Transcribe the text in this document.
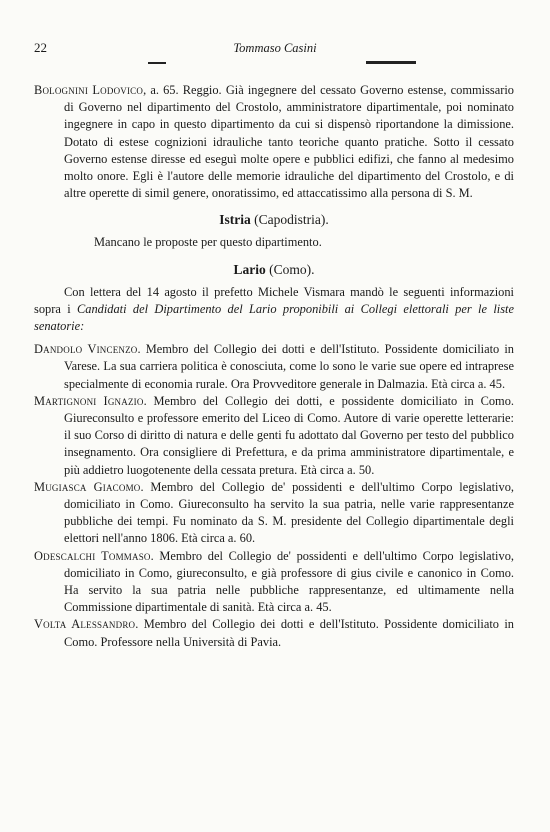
22	Tommaso Casini
Bolognini Lodovico, a. 65. Reggio. Già ingegnere del cessato Governo estense, commissario di Governo nel dipartimento del Crostolo, amministratore dipartimentale, poi nominato ingegnere in capo in questo dipartimento da cui si dispensò riportandone la dimissione. Dotato di estese cognizioni idrauliche tanto teoriche quanto pratiche. Sotto il cessato Governo estense diresse ed eseguì molte opere e pubblici edifizi, che fanno al medesimo molto onore. Egli è l'autore delle memorie idrauliche del dipartimento del Crostolo, e di altre operette di simil genere, onoratissimo, ed attaccatissimo alla persona di S. M.
Istria (Capodistria).
Mancano le proposte per questo dipartimento.
Lario (Como).
Con lettera del 14 agosto il prefetto Michele Vismara mandò le seguenti informazioni sopra i Candidati del Dipartimento del Lario proponibili ai Collegi elettorali per le liste senatorie:
Dandolo Vincenzo. Membro del Collegio dei dotti e dell'Istituto. Possidente domiciliato in Varese. La sua carriera politica è conosciuta, come lo sono le varie sue opere ed intraprese specialmente di economia rurale. Ora Provveditore generale in Dalmazia. Età circa a. 45.
Martignoni Ignazio. Membro del Collegio dei dotti, e possidente domiciliato in Como. Giureconsulto e professore emerito del Liceo di Como. Autore di varie operette letterarie: il suo Corso di diritto di natura e delle genti fu adottato dal Governo per testo del pubblico insegnamento. Ora consigliere di Prefettura, e da prima amministratore dipartimentale, e più addietro luogotenente della cessata pretura. Età circa a. 50.
Mugiasca Giacomo. Membro del Collegio de' possidenti e dell'ultimo Corpo legislativo, domiciliato in Como. Giureconsulto ha servito la sua patria, nelle varie rappresentanze pubbliche dei tempi. Fu nominato da S. M. presidente del Collegio dipartimentale degli elettori nell'anno 1806. Età circa a. 60.
Odescalchi Tommaso. Membro del Collegio de' possidenti e dell'ultimo Corpo legislativo, domiciliato in Como, giureconsulto, e già professore di gius civile e canonico in Como. Ha servito la sua patria nelle pubbliche rappresentanze, ed ultimamente nella Commissione dipartimentale di sanità. Età circa a. 45.
Volta Alessandro. Membro del Collegio dei dotti e dell'Istituto. Possidente domiciliato in Como. Professore nella Università di Pavia.
